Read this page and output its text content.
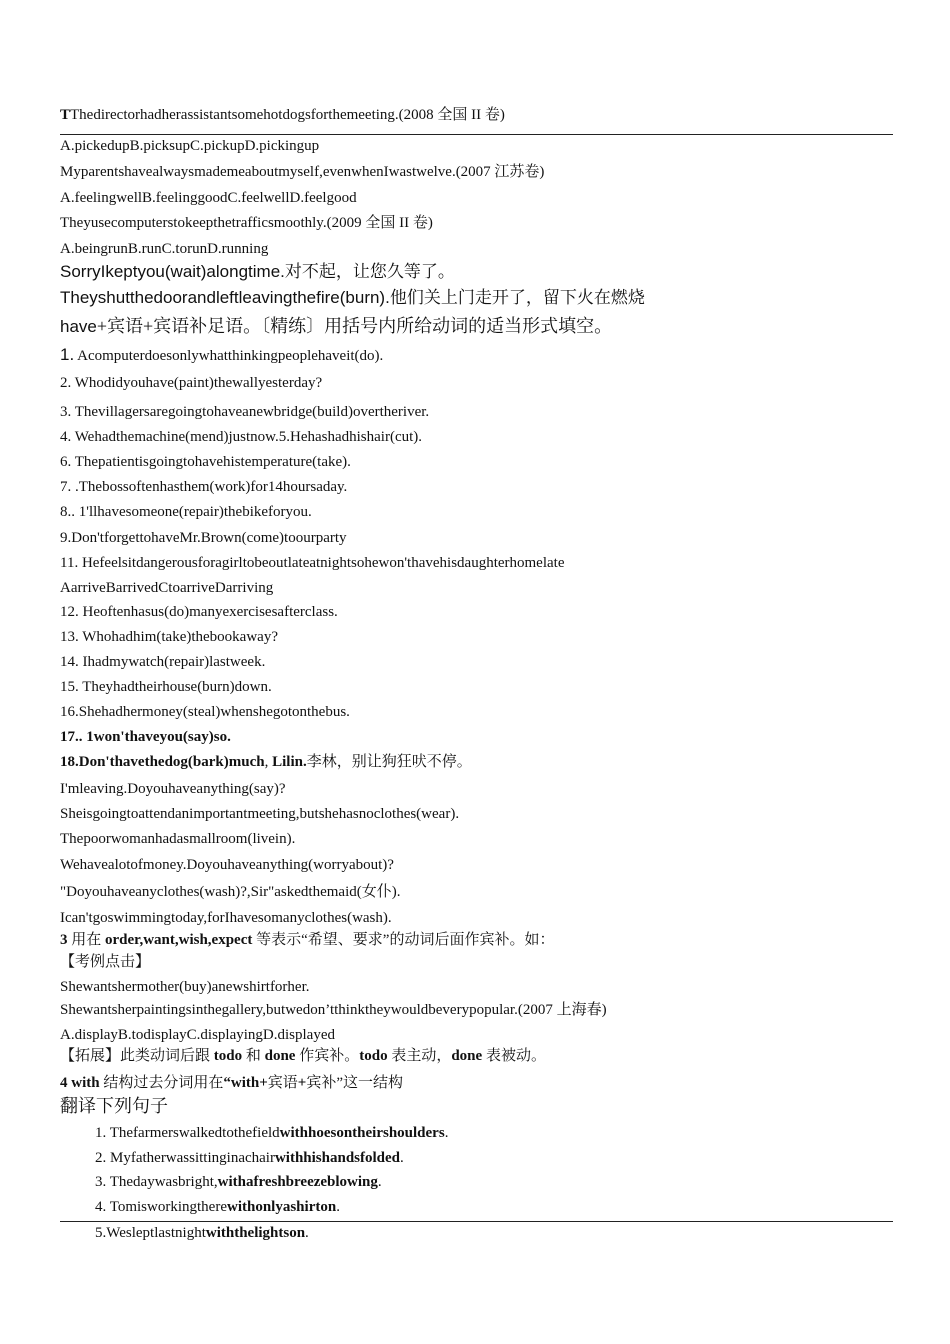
TThedirectorhadherassistantsomehotdogsforthemeeting.(2008 全国 II 卷)
A.pickedupB.picksupC.pickupD.pickingup
Myparentshavealwaysmademeaboutmyself,evenwhenIwastwelve.(2007 江苏卷)
A.feelingwellB.feelinggoodC.feelwellD.feelgood
Theyusecomputerstokeepthetrafficsmoothly.(2009 全国 II 卷)
A.beingrunB.runC.torunD.running
SorryIkeptyou(wait)alongtime.对不起，让您久等了。
Theyshutthedoorandleftleavingthefire(burn).他们关上门走开了，留下火在燃烧
have+宾语+宾语补足语。〔精练〕用括号内所给动词的适当形式填空。
1. Acomputerdoesonlywhatthinkingpeoplehaveit(do).
2. Whodidyouhave(paint)thewallyesterday?
3. Thevillagersaregoingtohaveanewbridge(build)overtheriver.
4. Wehadthemachine(mend)justnow.5.Hehashadhishair(cut).
6. Thepatientisgoingtohavehistemperature(take).
7. .Thebossoftenhasthem(work)for14hoursaday.
8.. 1'llhavesomeone(repair)thebikeforyou.
9.Don'tforgettohaveMr.Brown(come)toourparty
11. Hefeelsitdangerousforagirltobeoutlateatnightsohewon'thavehisdaughterhomelate
AarriveBarrivedCtoarriveDarriving
12. Heoftenhasus(do)manyexercisesafterclass.
13. Whohadhim(take)thebookaway?
14. Ihadmywatch(repair)lastweek.
15. Theyhadtheirhouse(burn)down.
16.Shehadhermoney(steal)whenshegotonthebus.
17.. 1won'thaveyou(say)so.
18.Don'thavethedog(bark)much, Lilin.李林，别让狗狂吠不停。
I'mleaving.Doyouhaveanything(say)?
Sheisgoingtoattendanimportantmeeting,butshehasnoclothes(wear).
Thepoorwomanhadasmallroom(livein).
Wehavealotofmoney.Doyouhaveanything(worryabout)?
"Doyouhaveanyclothes(wash)?,Sir"askedthemaid(女仆).
Ican'tgoswimmingtoday,forIhavesomanyclothes(wash).
3 用在 order,want,wish,expect 等表示“希望、要求”的动词后面作宾补。如：
【考例点击】
Shewantshermother(buy)anewshirtforher.
Shewantsherpaintingsinthegallery,butwedon’tthinktheywouldbeverypopular.(2007 上海春)
A.displayB.todisplayC.displayingD.displayed
【拓展】此类动词后跟 todo 和 done 作宾补。todo 表主动，done 表被动。
4 with 结构过去分词用在“with+宾语+宾补”这一结构
翻译下列句子
1. Thefarmerswalkedtothefieldwithhoesontheirshoulders.
2. Myfatherwassittinginachairwithhishandsfolded.
3. Thedaywasbright,withafreshbreezeblowing.
4. Tomisworkingtherewithonlyashirton.
5.Wesleptlastnightwiththelightson.
